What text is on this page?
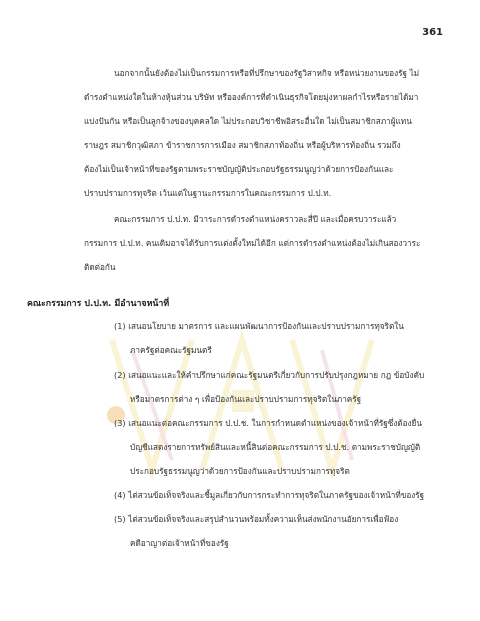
361
นอกจากนั้นยังต้องไม่เป็นกรรมการหรือที่ปรึกษาของรัฐวิสาหกิจ หรือหน่วยงานของรัฐ ไม่
ดำรงตำแหน่งใดในห้างหุ้นส่วน บริษัท หรือองค์การที่ดำเนินธุรกิจโดยมุ่งหาผลกำไรหรือรายได้มา
แบ่งปันกัน หรือเป็นลูกจ้างของบุคคลใด ไม่ประกอบวิชาชีพอิสระอื่นใด ไม่เป็นสมาชิกสภาผู้แทน
ราษฎร สมาชิกวุฒิสภา ข้าราชการการเมือง สมาชิกสภาท้องถิ่น หรือผู้บริหารท้องถิ่น รวมถึง
ต้องไม่เป็นเจ้าหน้าที่ของรัฐตามพระราชบัญญัติประกอบรัฐธรรมนูญว่าด้วยการป้องกันและ
ปราบปรามการทุจริต เว้นแต่ในฐานะกรรมการในคณะกรรมการ ป.ป.ท.
คณะกรรมการ ป.ป.ท. มีวาระการดำรงตำแหน่งคราวละสี่ปี และเมื่อครบวาระแล้ว
กรรมการ ป.ป.ท. คนเดิมอาจได้รับการแต่งตั้งใหม่ได้อีก แต่การดำรงตำแหน่งต้องไม่เกินสองวาระ
ติดต่อกัน
คณะกรรมการ ป.ป.ท. มีอำนาจหน้าที่
(1) เสนอนโยบาย มาตรการ และแผนพัฒนาการป้องกันและปราบปรามการทุจริตใน
ภาครัฐต่อคณะรัฐมนตรี
(2) เสนอแนะและให้คำปรึกษาแก่คณะรัฐมนตรีเกี่ยวกับการปรับปรุงกฎหมาย กฎ ข้อบังคับ
หรือมาตรการต่าง ๆ เพื่อป้องกันและปราบปรามการทุจริตในภาครัฐ
(3) เสนอแนะต่อคณะกรรมการ ป.ป.ช. ในการกำหนดตำแหน่งของเจ้าหน้าที่รัฐซึ่งต้องยื่น
บัญชีแสดงรายการทรัพย์สินและหนี้สินต่อคณะกรรมการ ป.ป.ช. ตามพระราชบัญญัติ
ประกอบรัฐธรรมนูญว่าด้วยการป้องกันและปราบปรามการทุจริต
(4) ไต่สวนข้อเท็จจริงและชี้มูลเกี่ยวกับการกระทำการทุจริตในภาครัฐของเจ้าหน้าที่ของรัฐ
(5) ไต่สวนข้อเท็จจริงและสรุปสำนวนพร้อมทั้งความเห็นส่งพนักงานอัยการเพื่อฟ้อง
คดีอาญาต่อเจ้าหน้าที่ของรัฐ
